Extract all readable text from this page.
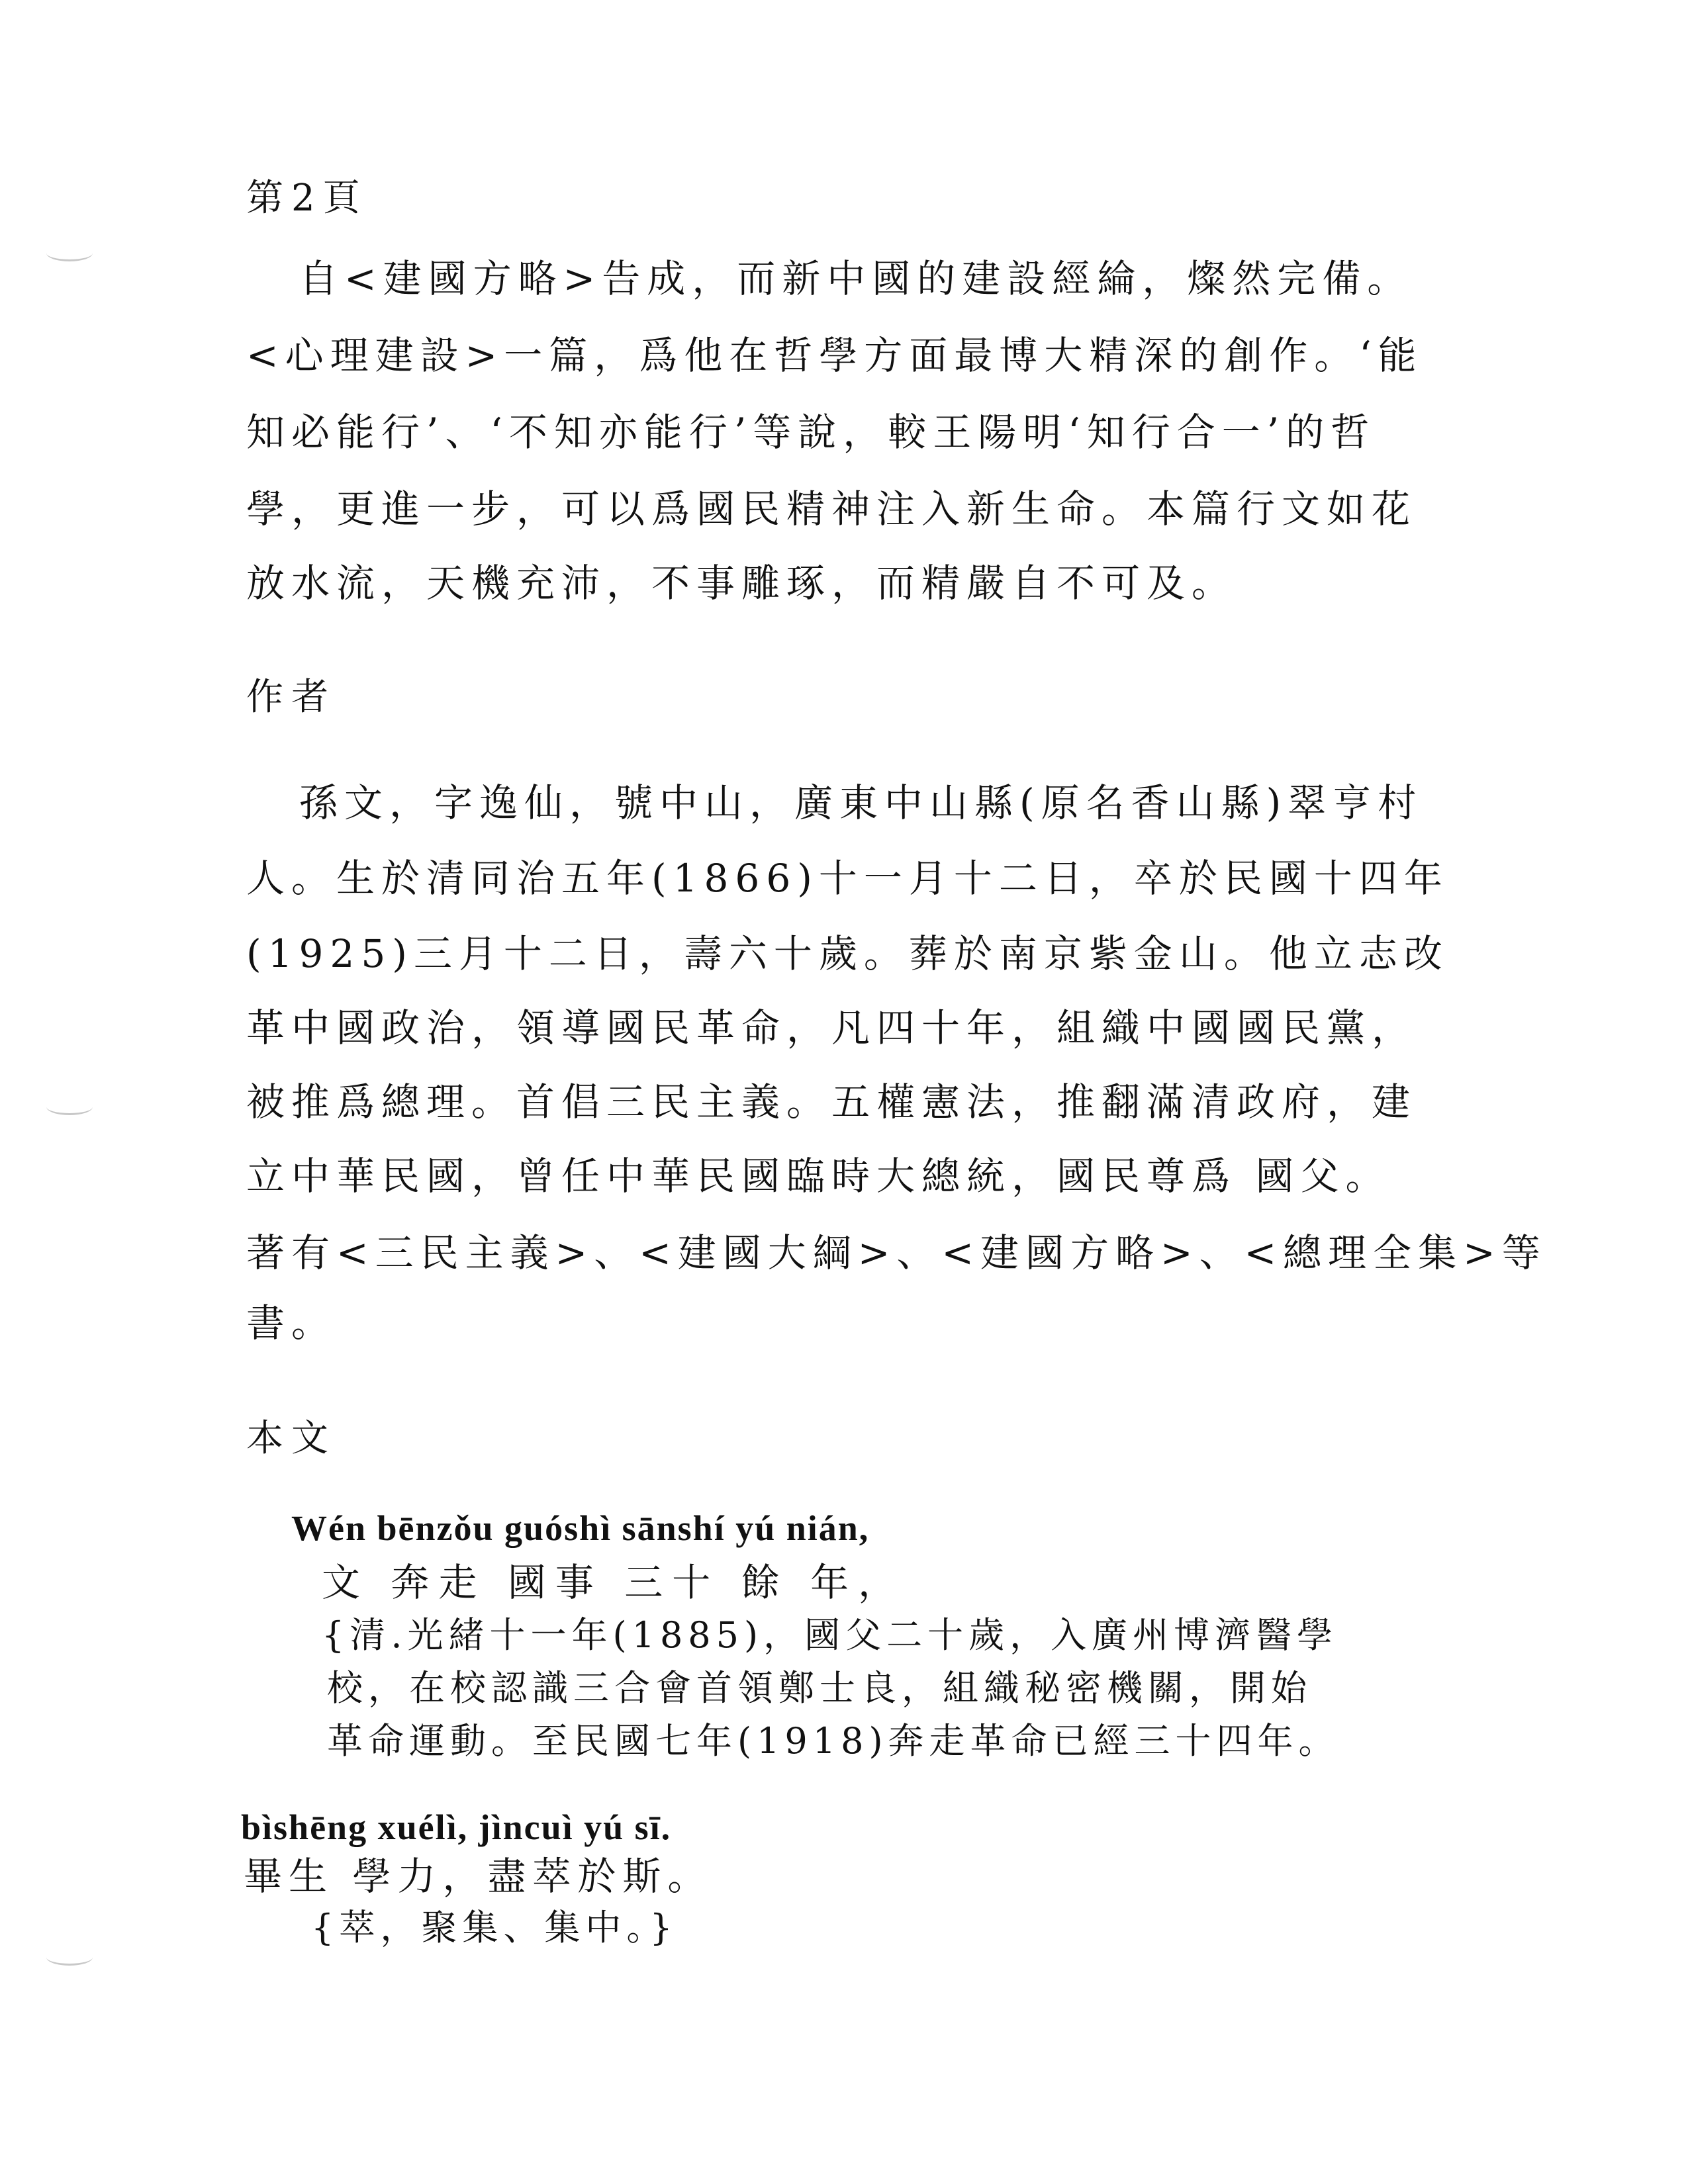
第2頁
自<建國方略>告成，而新中國的建設經綸，燦然完備。
<心理建設>一篇，爲他在哲學方面最博大精深的創作。‘能
知必能行’、‘不知亦能行’等說，較王陽明‘知行合一’的哲
學，更進一步，可以爲國民精神注入新生命。本篇行文如花
放水流，天機充沛，不事雕琢，而精嚴自不可及。
作者
孫文，字逸仙，號中山，廣東中山縣(原名香山縣)翠亨村
人。生於清同治五年(1866)十一月十二日，卒於民國十四年
(1925)三月十二日，壽六十歲。葬於南京紫金山。他立志改
革中國政治，領導國民革命，凡四十年，組織中國國民黨，
被推爲總理。首倡三民主義。五權憲法，推翻滿清政府，建
立中華民國，曾任中華民國臨時大總統，國民尊爲 國父。
著有<三民主義>、<建國大綱>、<建國方略>、<總理全集>等
書。
本文
Wén bēnzǒu guóshì sānshí yú nián,
文 奔走 國事 三十 餘 年，
{清.光緒十一年(1885)，國父二十歲，入廣州博濟醫學
校，在校認識三合會首領鄭士良，組織秘密機關，開始
革命運動。至民國七年(1918)奔走革命已經三十四年。
bìshēng xuélì, jìncuì yú sī.
畢生 學力，盡萃於斯。
{萃，聚集、集中。}
